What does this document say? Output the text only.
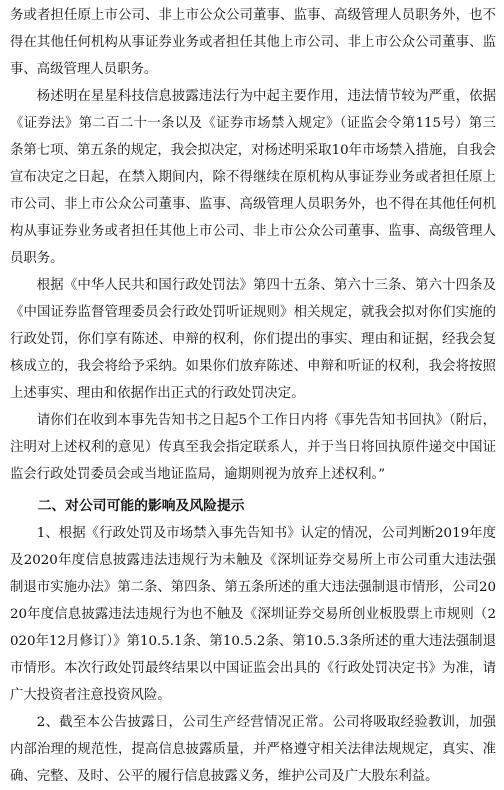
务或者担任原上市公司、非上市公众公司董事、监事、高级管理人员职务外，也不得在其他任何机构从事证券业务或者担任其他上市公司、非上市公众公司董事、监事、高级管理人员职务。

杨述明在星星科技信息披露违法行为中起主要作用，违法情节较为严重，依据《证券法》第二百二十一条以及《证券市场禁入规定》（证监会令第115号）第三条第七项、第五条的规定，我会拟决定，对杨述明采取10年市场禁入措施，自我会宣布决定之日起，在禁入期间内，除不得继续在原机构从事证券业务或者担任原上市公司、非上市公众公司董事、监事、高级管理人员职务外，也不得在其他任何机构从事证券业务或者担任其他上市公司、非上市公众公司董事、监事、高级管理人员职务。

根据《中华人民共和国行政处罚法》第四十五条、第六十三条、第六十四条及《中国证券监督管理委员会行政处罚听证规则》相关规定，就我会拟对你们实施的行政处罚，你们享有陈述、申辩的权利，你们提出的事实、理由和证据，经我会复核成立的，我会将给予采纳。如果你们放弃陈述、申辩和听证的权利，我会将按照上述事实、理由和依据作出正式的行政处罚决定。

请你们在收到本事先告知书之日起5个工作日内将《事先告知书回执》（附后，注明对上述权利的意见）传真至我会指定联系人，并于当日将回执原件递交中国证监会行政处罚委员会或当地证监局，逾期则视为放弃上述权利。”

二、对公司可能的影响及风险提示

1、根据《行政处罚及市场禁入事先告知书》认定的情况，公司判断2019年度及2020年度信息披露违法违规行为未触及《深圳证券交易所上市公司重大违法强制退市实施办法》第二条、第四条、第五条所述的重大违法强制退市情形，公司2020年度信息披露违法违规行为也不触及《深圳证券交易所创业板股票上市规则（2020年12月修订）》第10.5.1条、第10.5.2条、第10.5.3条所述的重大违法强制退市情形。本次行政处罚最终结果以中国证监会出具的《行政处罚决定书》为准，请广大投资者注意投资风险。

2、截至本公告披露日，公司生产经营情况正常。公司将吸取经验教训，加强内部治理的规范性，提高信息披露质量，并严格遵守相关法律法规规定，真实、准确、完整、及时、公平的履行信息披露义务，维护公司及广大股东利益。
